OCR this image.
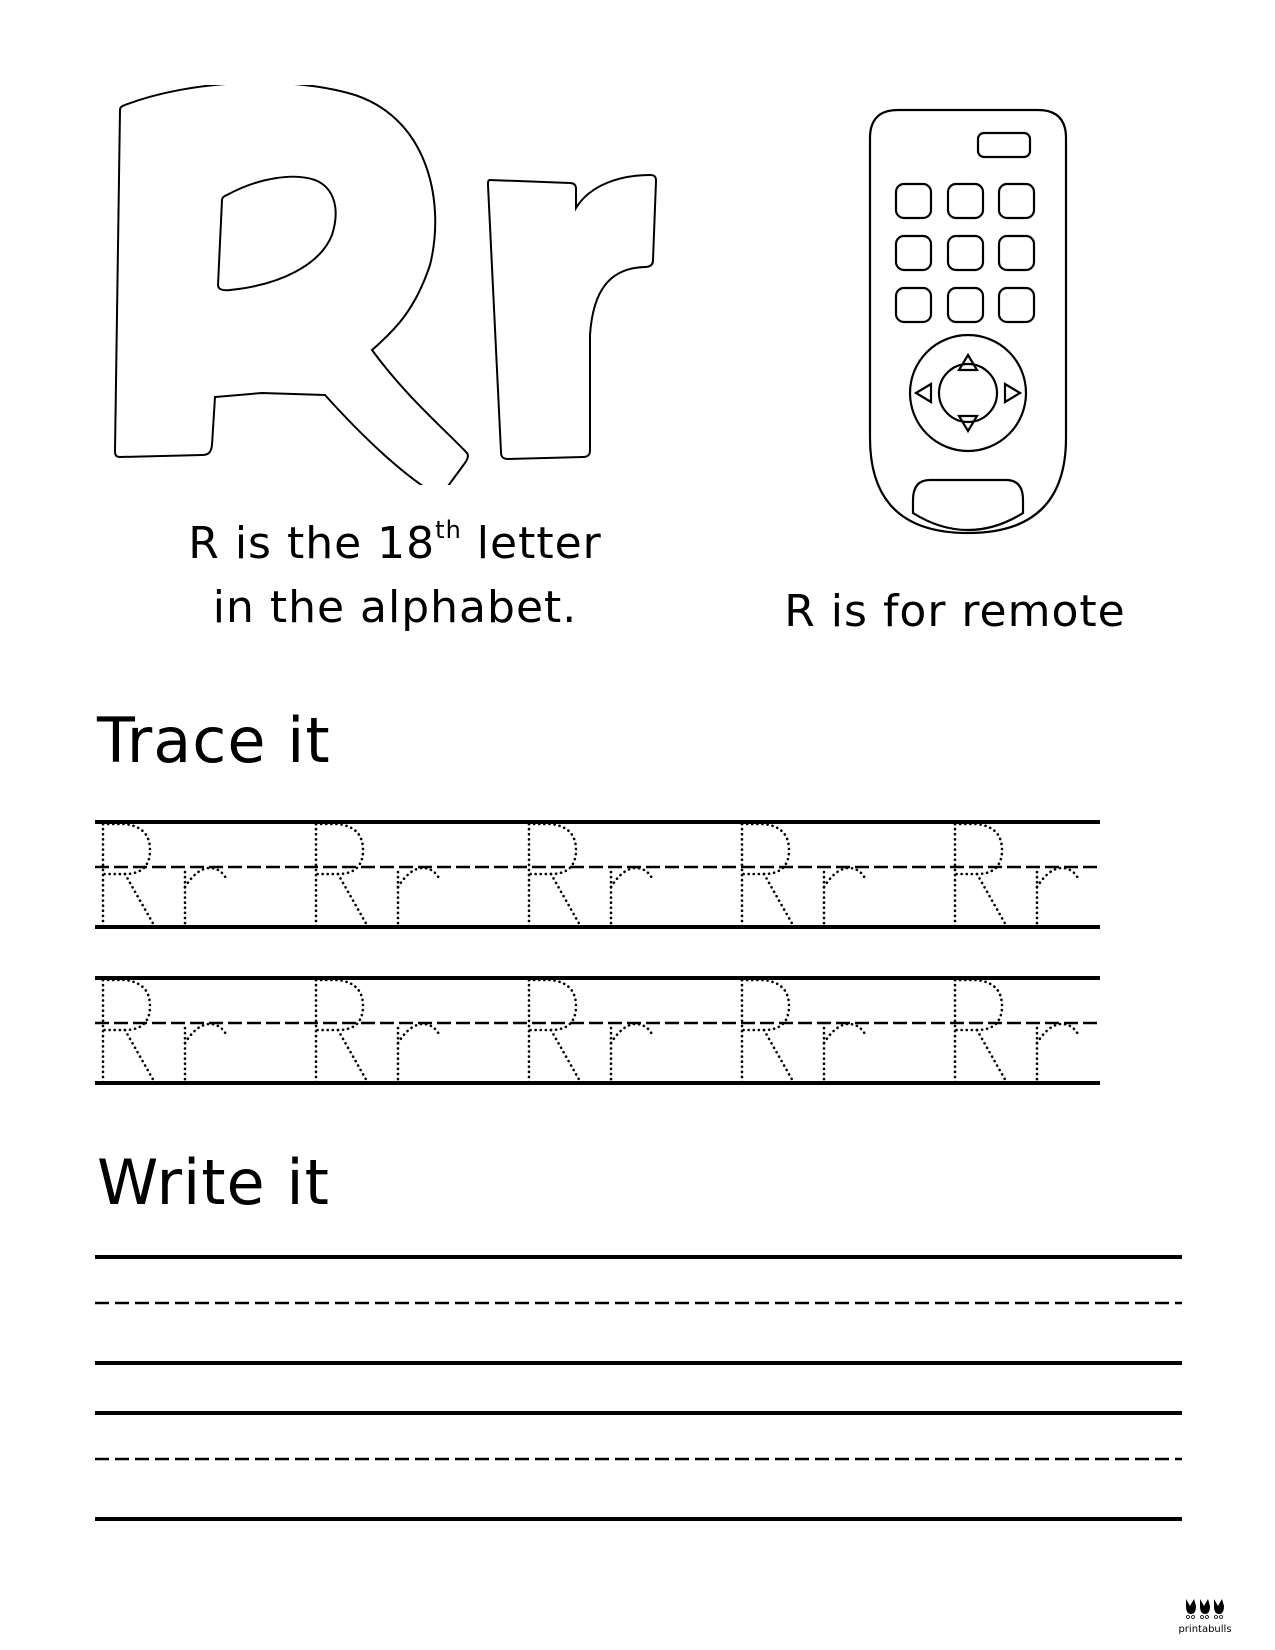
R is the 18th letter
in the alphabet.	R is for remote
Trace it
Write it
printabulls
